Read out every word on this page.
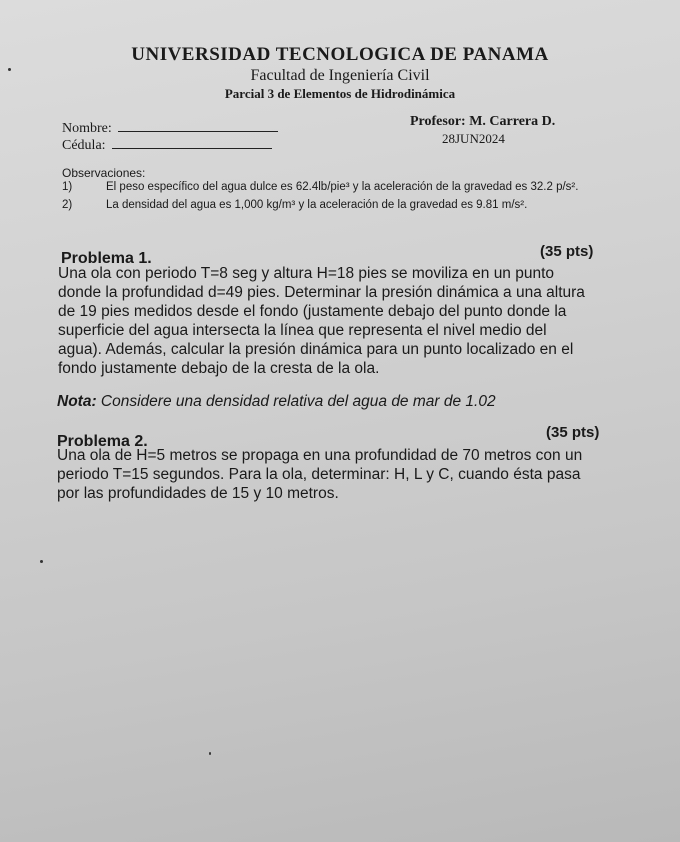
UNIVERSIDAD TECNOLOGICA DE PANAMA
Facultad de Ingeniería Civil
Parcial 3 de Elementos de Hidrodinámica
Nombre:
Cédula:
Profesor: M. Carrera D.
28JUN2024
Observaciones:
1)	El peso específico del agua dulce es 62.4lb/pie³ y la aceleración de la gravedad es 32.2 p/s².
2)	La densidad del agua es 1,000 kg/m³ y la aceleración de la gravedad es 9.81 m/s².
Problema 1.	(35 pts)
Una ola con periodo T=8 seg y altura H=18 pies se moviliza en un punto
donde la profundidad d=49 pies. Determinar la presión dinámica a una altura
de 19 pies medidos desde el fondo (justamente debajo del punto donde la
superficie del agua intersecta la línea que representa el nivel medio del
agua). Además, calcular la presión dinámica para un punto localizado en el
fondo justamente debajo de la cresta de la ola.
Nota: Considere una densidad relativa del agua de mar de 1.02
Problema 2.
(35 pts)
Una ola de H=5 metros se propaga en una profundidad de 70 metros con un
periodo T=15 segundos. Para la ola, determinar: H, L y C, cuando ésta pasa
por las profundidades de 15 y 10 metros.
